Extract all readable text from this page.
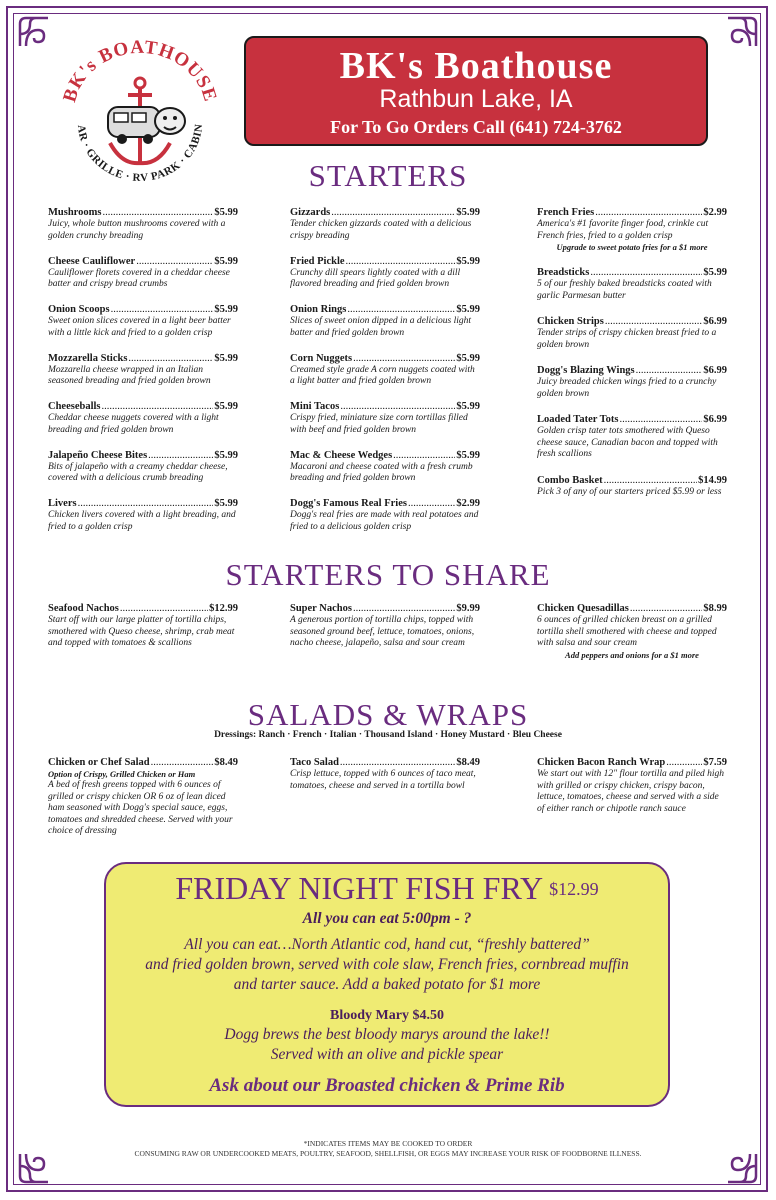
BK's BOATHOUSE
AR · GRILLE · RV PARK · CABIN
BK's Boathouse
Rathbun Lake, IA
For To Go Orders Call (641) 724-3762
STARTERS
Mushrooms .....	$5.99
Juicy, whole button mushrooms covered with a golden crunchy breading
Cheese Cauliflower .....	$5.99
Cauliflower florets covered in a cheddar cheese batter and crispy bread crumbs
Onion Scoops .....	$5.99
Sweet onion slices covered in a light beer batter with a little kick and fried to a golden crisp
Mozzarella Sticks .....	$5.99
Mozzarella cheese wrapped in an Italian seasoned breading and fried golden brown
Cheeseballs .....	$5.99
Cheddar cheese nuggets covered with a light breading and fried golden brown
Jalapeño Cheese Bites .....	$5.99
Bits of jalapeño with a creamy cheddar cheese, covered with a delicious crumb breading
Livers .....	$5.99
Chicken livers covered with a light breading, and fried to a golden crisp
Gizzards .....	$5.99
Tender chicken gizzards coated with a delicious crispy breading
Fried Pickle .....	$5.99
Crunchy dill spears lightly coated with a dill flavored breading and fried golden brown
Onion Rings .....	$5.99
Slices of sweet onion dipped in a delicious light batter and fried golden brown
Corn Nuggets .....	$5.99
Creamed style grade A corn nuggets coated with a light batter and fried golden brown
Mini Tacos .....	$5.99
Crispy fried, miniature size corn tortillas filled with beef and fried golden brown
Mac & Cheese Wedges .....	$5.99
Macaroni and cheese coated with a fresh crumb breading and fried golden brown
Dogg's Famous Real Fries .....	$2.99
Dogg's real fries are made with real potatoes and fried to a delicious golden crisp
French Fries .....	$2.99
America's #1 favorite finger food, crinkle cut French fries, fried to a golden crisp
Upgrade to sweet potato fries for a $1 more
Breadsticks .....	$5.99
5 of our freshly baked breadsticks coated with garlic Parmesan butter
Chicken Strips .....	$6.99
Tender strips of crispy chicken breast fried to a golden brown
Dogg's Blazing Wings .....	$6.99
Juicy breaded chicken wings fried to a crunchy golden brown
Loaded Tater Tots .....	$6.99
Golden crisp tater tots smothered with Queso cheese sauce, Canadian bacon and topped with fresh scallions
Combo Basket .....	$14.99
Pick 3 of any of our starters priced $5.99 or less
STARTERS TO SHARE
Seafood Nachos .....	$12.99
Start off with our large platter of tortilla chips, smothered with Queso cheese, shrimp, crab meat and topped with tomatoes & scallions
Super Nachos .....	$9.99
A generous portion of tortilla chips, topped with seasoned ground beef, lettuce, tomatoes, onions, nacho cheese, jalapeño, salsa and sour cream
Chicken Quesadillas .....	$8.99
6 ounces of grilled chicken breast on a grilled tortilla shell smothered with cheese and topped with salsa and sour cream
Add peppers and onions for a $1 more
SALADS & WRAPS
Dressings: Ranch · French · Italian · Thousand Island · Honey Mustard · Bleu Cheese
Chicken or Chef Salad .....	$8.49
Option of Crispy, Grilled Chicken or Ham
A bed of fresh greens topped with 6 ounces of grilled or crispy chicken OR 6 oz of lean diced ham seasoned with Dogg's special sauce, eggs, tomatoes and shredded cheese. Served with your choice of dressing
Taco Salad .....	$8.49
Crisp lettuce, topped with 6 ounces of taco meat, tomatoes, cheese and served in a tortilla bowl
Chicken Bacon Ranch Wrap .....	$7.59
We start out with 12" flour tortilla and piled high with grilled or crispy chicken, crispy bacon, lettuce, tomatoes, cheese and served with a side of either ranch or chipotle ranch sauce
FRIDAY NIGHT FISH FRY $12.99
All you can eat 5:00pm - ?
All you can eat…North Atlantic cod, hand cut, “freshly battered”
and fried golden brown, served with cole slaw, French fries, cornbread muffin
and tarter sauce. Add a baked potato for $1 more
Bloody Mary $4.50
Dogg brews the best bloody marys around the lake!!
Served with an olive and pickle spear
Ask about our Broasted chicken & Prime Rib
*INDICATES ITEMS MAY BE COOKED TO ORDER
CONSUMING RAW OR UNDERCOOKED MEATS, POULTRY, SEAFOOD, SHELLFISH, OR EGGS MAY INCREASE YOUR RISK OF FOODBORNE ILLNESS.
